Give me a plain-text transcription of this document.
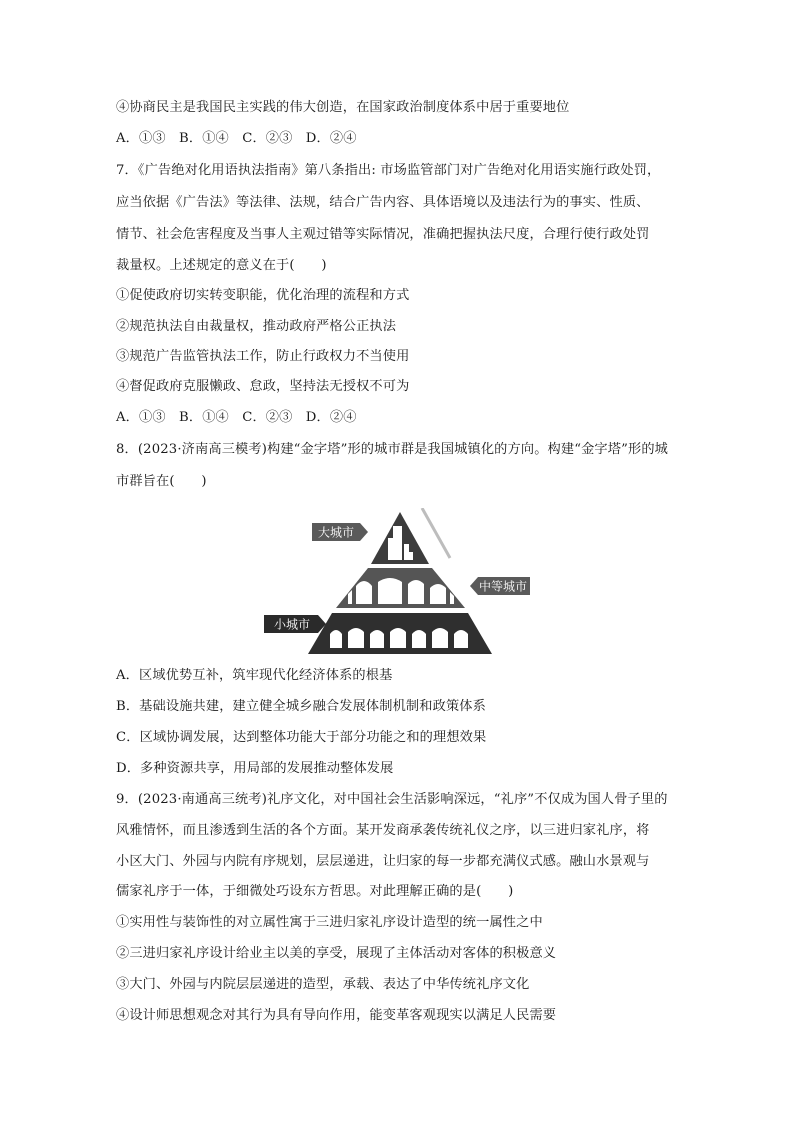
④协商民主是我国民主实践的伟大创造，在国家政治制度体系中居于重要地位
A．①③　B．①④　C．②③　D．②④
7．《广告绝对化用语执法指南》第八条指出: 市场监管部门对广告绝对化用语实施行政处罚，
应当依据《广告法》等法律、法规，结合广告内容、具体语境以及违法行为的事实、性质、
情节、社会危害程度及当事人主观过错等实际情况，准确把握执法尺度，合理行使行政处罚
裁量权。上述规定的意义在于(　　)
①促使政府切实转变职能，优化治理的流程和方式
②规范执法自由裁量权，推动政府严格公正执法
③规范广告监管执法工作，防止行政权力不当使用
④督促政府克服懒政、怠政，坚持法无授权不可为
A．①③　B．①④　C．②③　D．②④
8．(2023·济南高三模考)构建“金字塔”形的城市群是我国城镇化的方向。构建“金字塔”形的城
市群旨在(　　)
大城市
中等城市
小城市
A．区域优势互补，筑牢现代化经济体系的根基
B．基础设施共建，建立健全城乡融合发展体制机制和政策体系
C．区域协调发展，达到整体功能大于部分功能之和的理想效果
D．多种资源共享，用局部的发展推动整体发展
9．(2023·南通高三统考)礼序文化，对中国社会生活影响深远，“礼序”不仅成为国人骨子里的
风雅情怀，而且渗透到生活的各个方面。某开发商承袭传统礼仪之序，以三进归家礼序，将
小区大门、外园与内院有序规划，层层递进，让归家的每一步都充满仪式感。融山水景观与
儒家礼序于一体，于细微处巧设东方哲思。对此理解正确的是(　　)
①实用性与装饰性的对立属性寓于三进归家礼序设计造型的统一属性之中
②三进归家礼序设计给业主以美的享受，展现了主体活动对客体的积极意义
③大门、外园与内院层层递进的造型，承载、表达了中华传统礼序文化
④设计师思想观念对其行为具有导向作用，能变革客观现实以满足人民需要
